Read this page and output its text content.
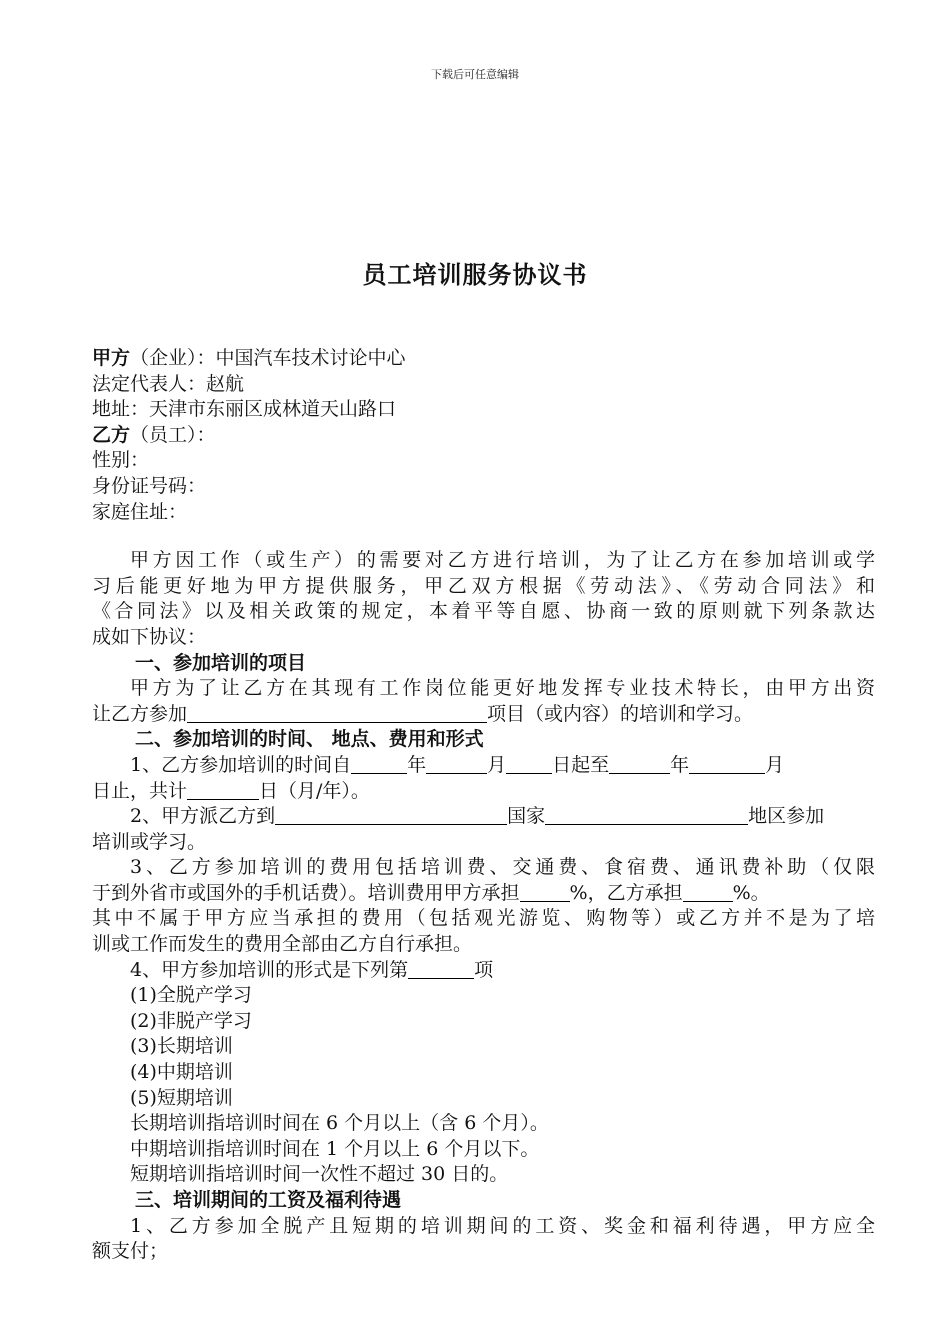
下载后可任意编辑
员工培训服务协议书
甲方（企业）：中国汽车技术讨论中心
法定代表人：赵航
地址：天津市东丽区成林道天山路口
乙方（员工）：
性别：
身份证号码：
家庭住址：
甲方因工作（或生产）的需要对乙方进行培训，为了让乙方在参加培训或学
习后能更好地为甲方提供服务，甲乙双方根据《劳动法》、《劳动合同法》和
《合同法》以及相关政策的规定，本着平等自愿、协商一致的原则就下列条款达
成如下协议：
一、参加培训的项目
甲方为了让乙方在其现有工作岗位能更好地发挥专业技术特长，由甲方出资
让乙方参加	项目（或内容）的培训和学习。
二、参加培训的时间、 地点、费用和形式
1、乙方参加培训的时间自	年	月 日起至	年	月
日止，共计	日（月/年）。
2、甲方派乙方到	国家	地区参加
培训或学习。
3、乙方参加培训的费用包括培训费、交通费、食宿费、通讯费补助（仅限
于到外省市或国外的手机话费）。培训费用甲方承担	%，乙方承担	%。
其中不属于甲方应当承担的费用（包括观光游览、购物等）或乙方并不是为了培
训或工作而发生的费用全部由乙方自行承担。
4、甲方参加培训的形式是下列第	项
(1)全脱产学习
(2)非脱产学习
(3)长期培训
(4)中期培训
(5)短期培训
长期培训指培训时间在 6 个月以上（含 6 个月）。
中期培训指培训时间在 1 个月以上 6 个月以下。
短期培训指培训时间一次性不超过 30 日的。
三、培训期间的工资及福利待遇
1、乙方参加全脱产且短期的培训期间的工资、奖金和福利待遇，甲方应全
额支付；
